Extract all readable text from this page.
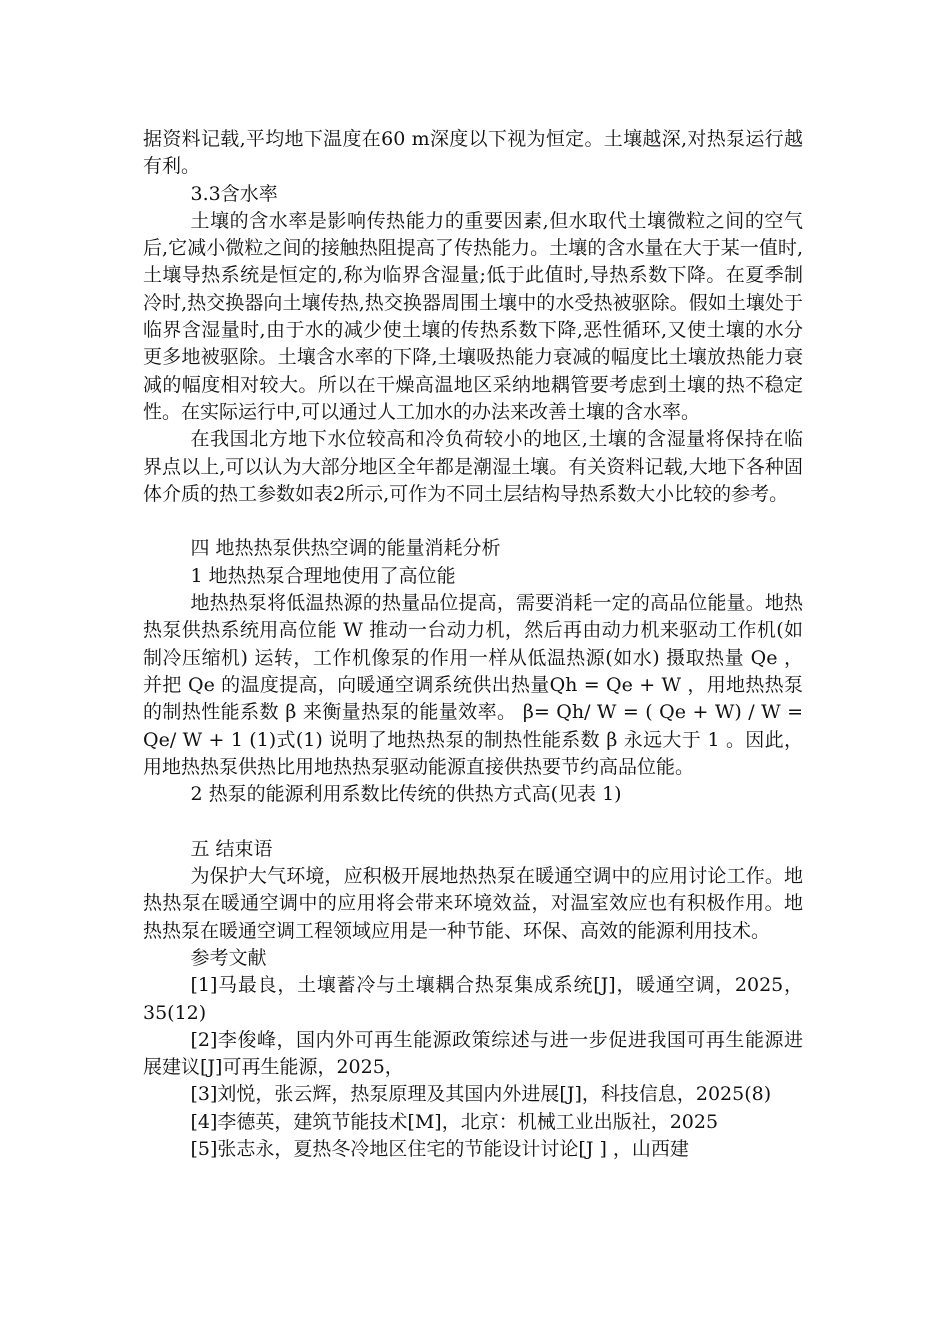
据资料记载,平均地下温度在60 m深度以下视为恒定。土壤越深,对热泵运行越有利。

3.3含水率

土壤的含水率是影响传热能力的重要因素,但水取代土壤微粒之间的空气后,它减小微粒之间的接触热阻提高了传热能力。土壤的含水量在大于某一值时,土壤导热系统是恒定的,称为临界含湿量;低于此值时,导热系数下降。在夏季制冷时,热交换器向土壤传热,热交换器周围土壤中的水受热被驱除。假如土壤处于临界含湿量时,由于水的减少使土壤的传热系数下降,恶性循环,又使土壤的水分更多地被驱除。土壤含水率的下降,土壤吸热能力衰减的幅度比土壤放热能力衰减的幅度相对较大。所以在干燥高温地区采纳地耦管要考虑到土壤的热不稳定性。在实际运行中,可以通过人工加水的办法来改善土壤的含水率。

在我国北方地下水位较高和冷负荷较小的地区,土壤的含湿量将保持在临界点以上,可以认为大部分地区全年都是潮湿土壤。有关资料记载,大地下各种固体介质的热工参数如表2所示,可作为不同土层结构导热系数大小比较的参考。

四 地热热泵供热空调的能量消耗分析

1 地热热泵合理地使用了高位能

地热热泵将低温热源的热量品位提高，需要消耗一定的高品位能量。地热热泵供热系统用高位能 W 推动一台动力机，然后再由动力机来驱动工作机(如制冷压缩机) 运转，工作机像泵的作用一样从低温热源(如水) 摄取热量 Qe ，并把 Qe 的温度提高，向暖通空调系统供出热量Qh = Qe + W ，用地热热泵的制热性能系数 β 来衡量热泵的能量效率。 β= Qh/ W = ( Qe + W) / W = Qe/ W + 1 (1)式(1) 说明了地热热泵的制热性能系数 β 永远大于 1 。因此，用地热热泵供热比用地热热泵驱动能源直接供热要节约高品位能。

2 热泵的能源利用系数比传统的供热方式高(见表 1)

五 结束语

为保护大气环境，应积极开展地热热泵在暖通空调中的应用讨论工作。地热热泵在暖通空调中的应用将会带来环境效益，对温室效应也有积极作用。地热热泵在暖通空调工程领域应用是一种节能、环保、高效的能源利用技术。

参考文献

[1]马最良，土壤蓄冷与土壤耦合热泵集成系统[J]，暖通空调，2025，35(12)

[2]李俊峰，国内外可再生能源政策综述与进一步促进我国可再生能源进展建议[J]可再生能源，2025，

[3]刘悦，张云辉，热泵原理及其国内外进展[J]，科技信息，2025(8)

[4]李德英，建筑节能技术[M]，北京：机械工业出版社，2025

[5]张志永，夏热冬冷地区住宅的节能设计讨论[J ] ，山西建
